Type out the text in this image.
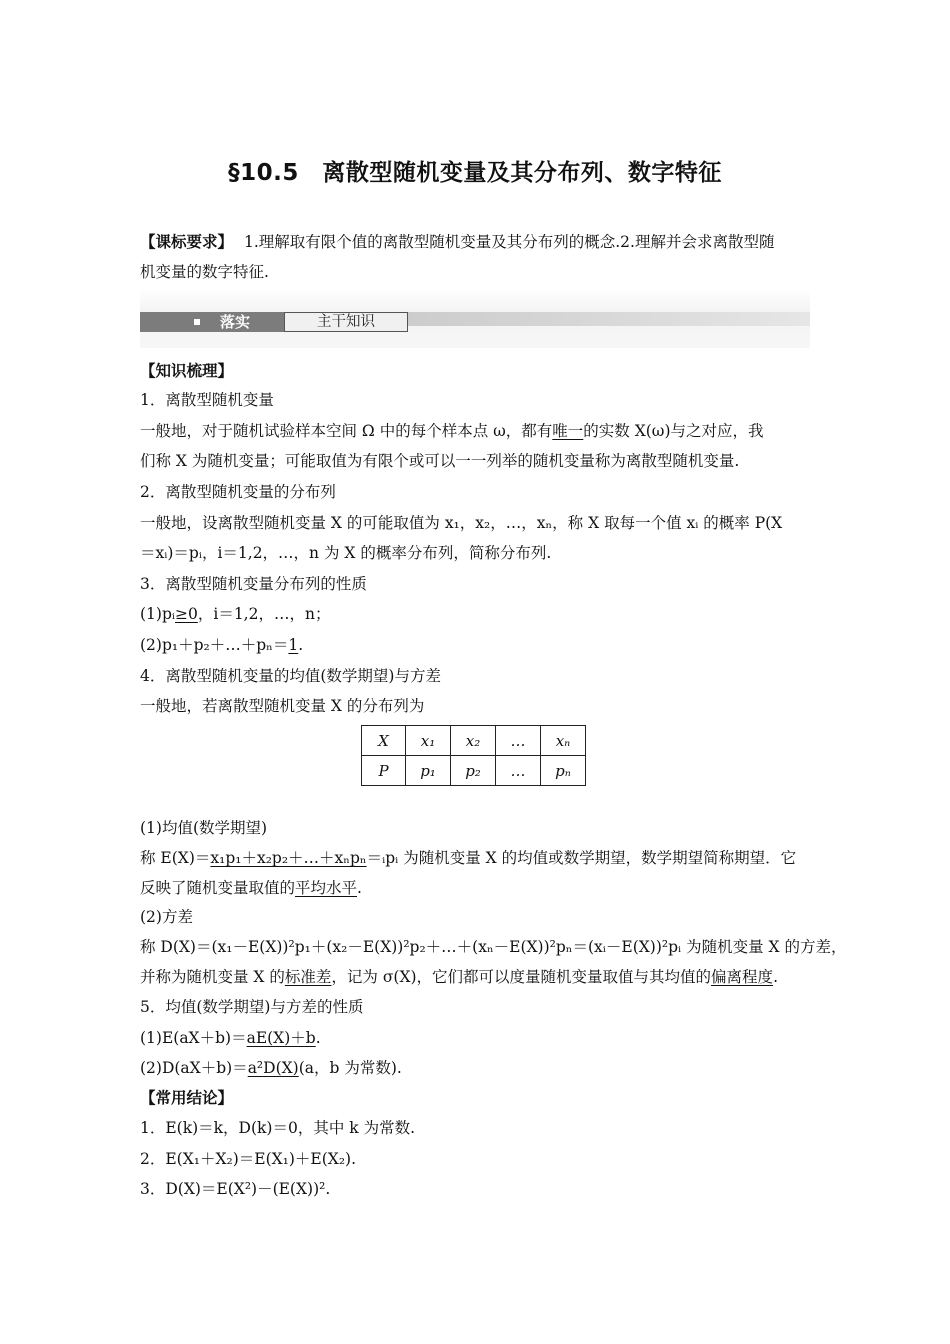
§10.5　离散型随机变量及其分布列、数字特征
【课标要求】 1.理解取有限个值的离散型随机变量及其分布列的概念.2.理解并会求离散型随
机变量的数字特征.
落实	主干知识
【知识梳理】
1．离散型随机变量
一般地，对于随机试验样本空间 Ω 中的每个样本点 ω，都有唯一的实数 X(ω)与之对应，我
们称 X 为随机变量；可能取值为有限个或可以一一列举的随机变量称为离散型随机变量.
2．离散型随机变量的分布列
一般地，设离散型随机变量 X 的可能取值为 x₁，x₂，…，xₙ，称 X 取每一个值 xᵢ 的概率 P(X
＝xᵢ)＝pᵢ，i＝1,2，…，n 为 X 的概率分布列，简称分布列.
3．离散型随机变量分布列的性质
(1)pᵢ≥0，i＝1,2，…，n；
(2)p₁＋p₂＋…＋pₙ＝1.
4．离散型随机变量的均值(数学期望)与方差
一般地，若离散型随机变量 X 的分布列为
X	x₁	x₂	…	xₙ
P	p₁	p₂	…	pₙ
(1)均值(数学期望)
称 E(X)＝x₁p₁＋x₂p₂＋…＋xₙpₙ＝ᵢpᵢ 为随机变量 X 的均值或数学期望，数学期望简称期望．它
反映了随机变量取值的平均水平.
(2)方差
称 D(X)＝(x₁－E(X))²p₁＋(x₂－E(X))²p₂＋…＋(xₙ－E(X))²pₙ＝(xᵢ－E(X))²pᵢ 为随机变量 X 的方差，
并称为随机变量 X 的标准差，记为 σ(X)，它们都可以度量随机变量取值与其均值的偏离程度.
5．均值(数学期望)与方差的性质
(1)E(aX＋b)＝aE(X)＋b.
(2)D(aX＋b)＝a²D(X)(a，b 为常数).
【常用结论】
1．E(k)＝k，D(k)＝0，其中 k 为常数.
2．E(X₁＋X₂)＝E(X₁)＋E(X₂).
3．D(X)＝E(X²)－(E(X))².
